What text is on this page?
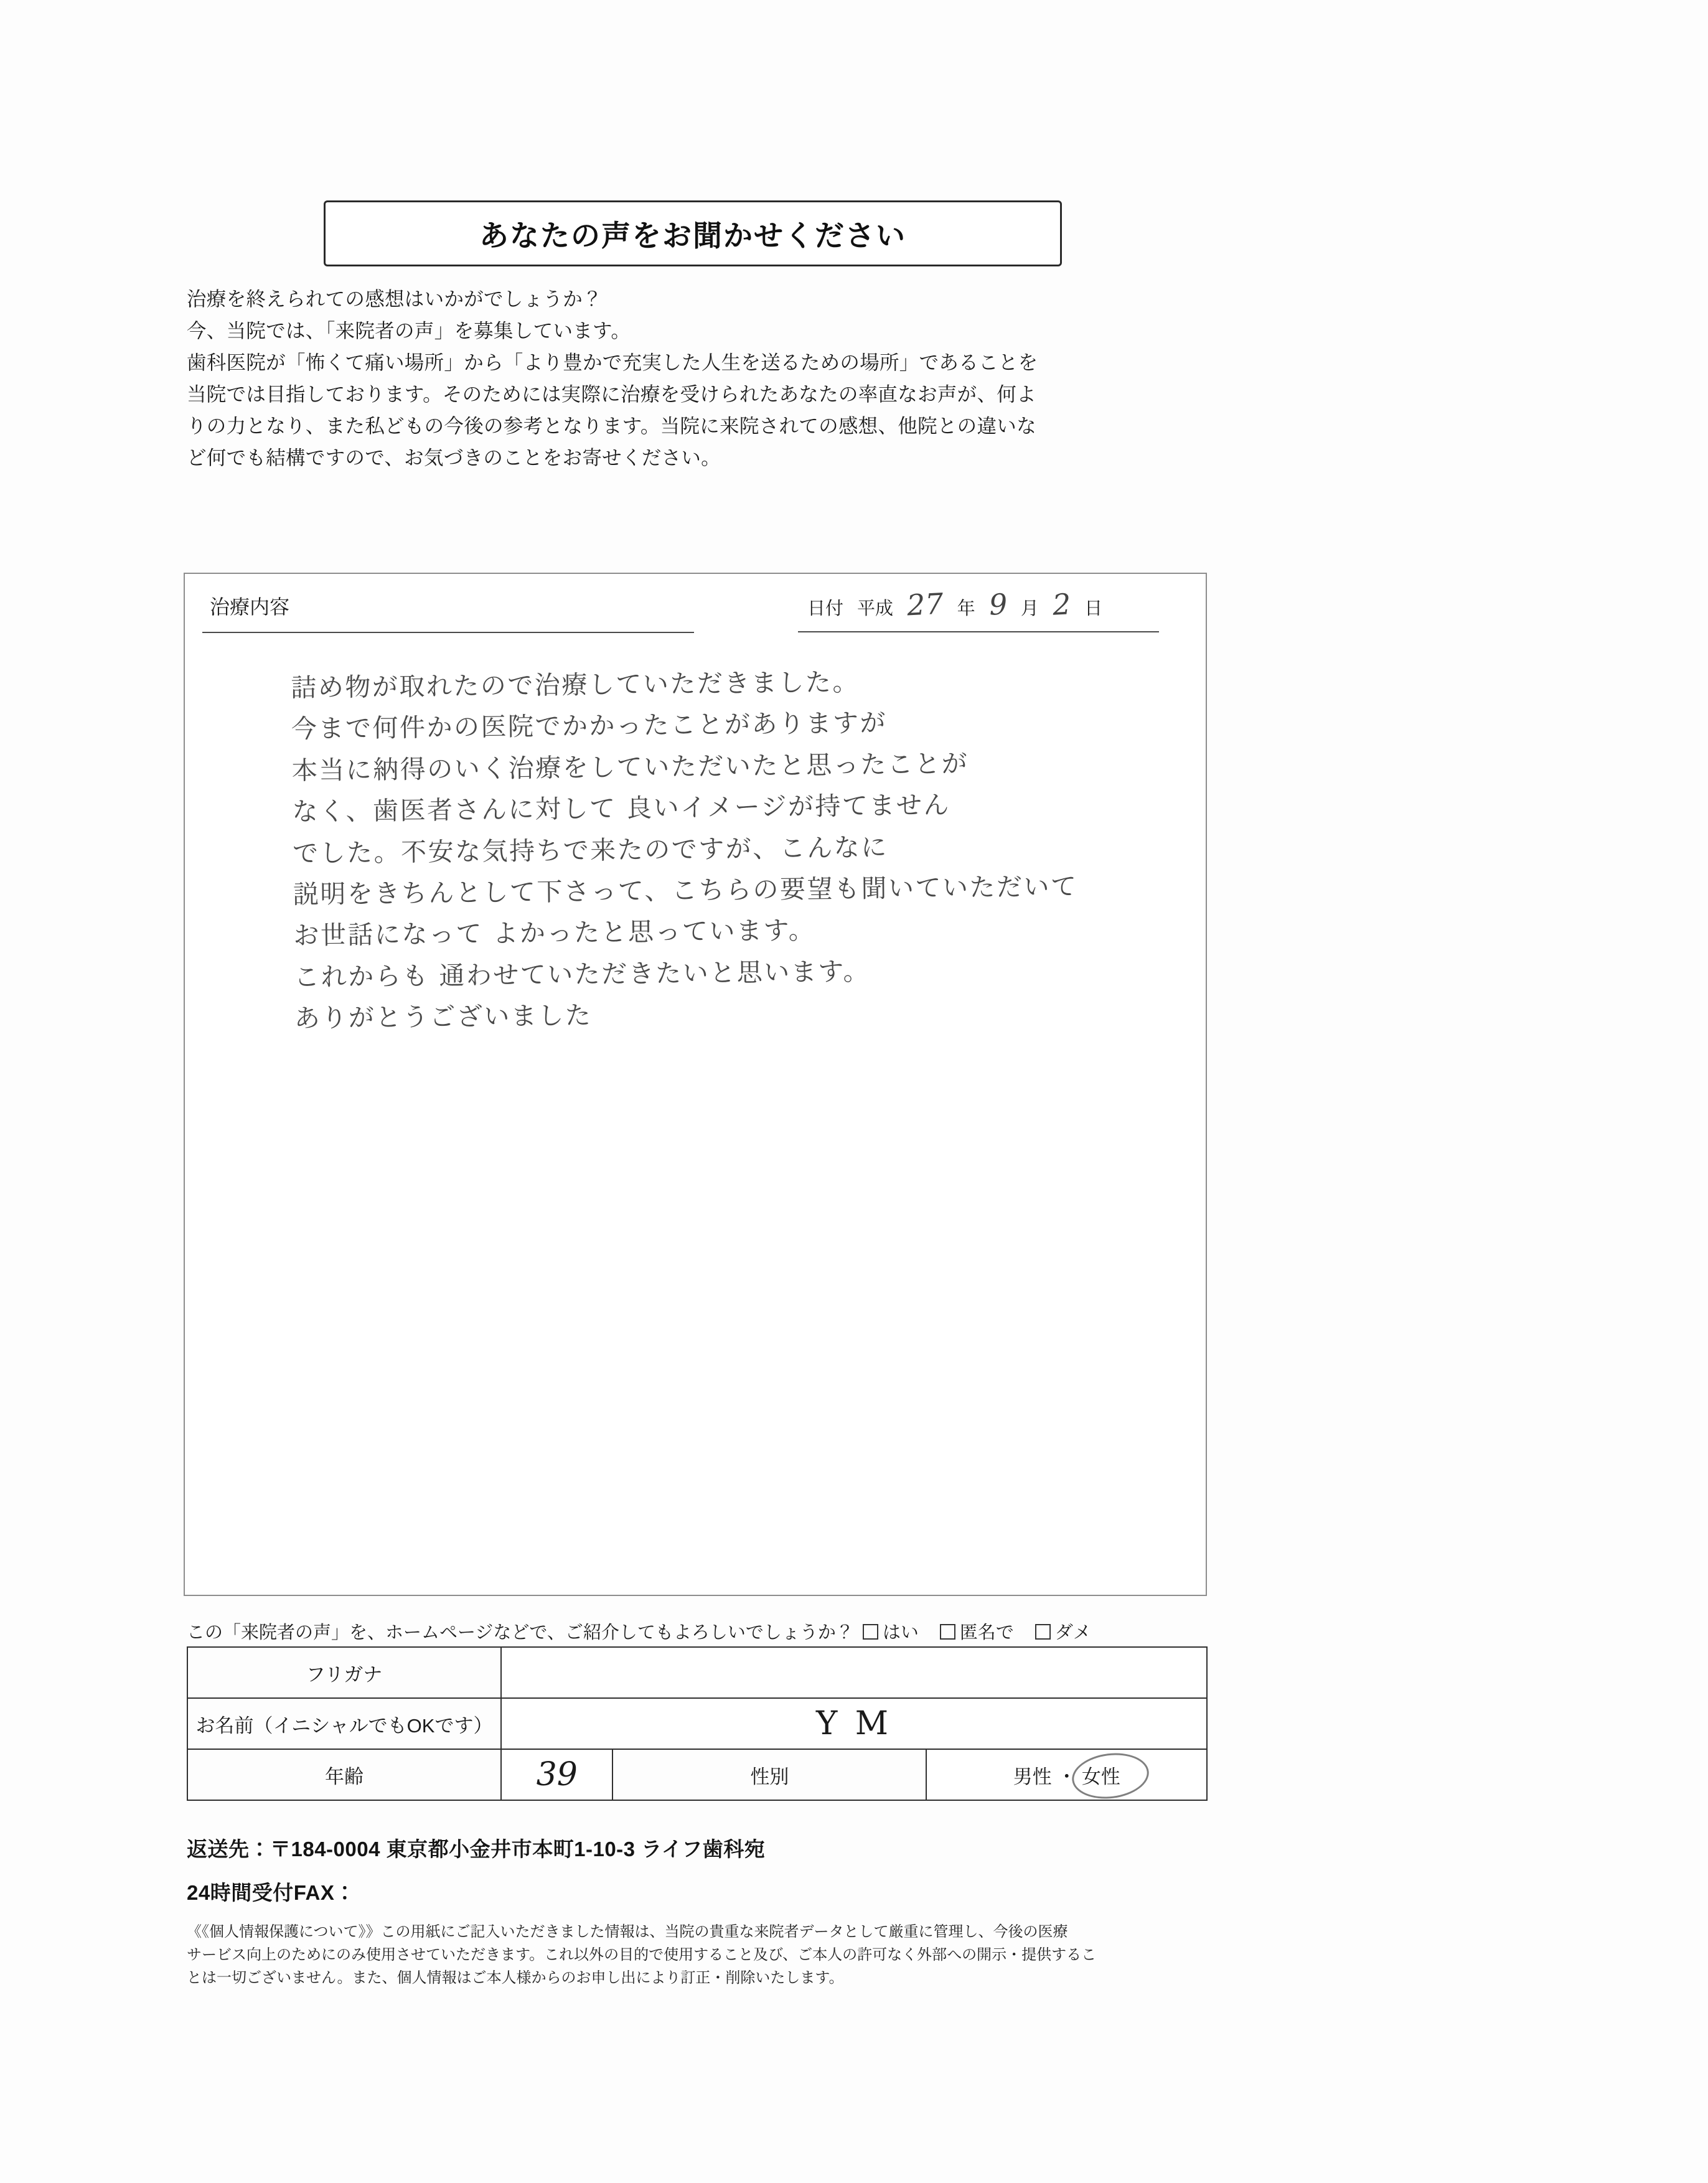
あなたの声をお聞かせください

治療を終えられての感想はいかがでしょうか？

今、当院では、「来院者の声」を募集しています。

歯科医院が「怖くて痛い場所」から「より豊かで充実した人生を送るための場所」であることを

当院では目指しております。そのためには実際に治療を受けられたあなたの率直なお声が、何よ

りの力となり、また私どもの今後の参考となります。当院に来院されての感想、他院との違いな

ど何でも結構ですので、お気づきのことをお寄せください。

治療内容	日付 平成 27 年 9 月 2 日
詰め物が取れたので治療していただきました。
今まで何件かの医院でかかったことがありますが
本当に納得のいく治療をしていただいたと思ったことが
なく、歯医者さんに対して 良いイメージが持てません
でした。不安な気持ちで来たのですが、こんなに
説明をきちんとして下さって、こちらの要望も聞いていただいて
お世話になって よかったと思っています。
これからも 通わせていただきたいと思います。
ありがとうございました
この「来院者の声」を、ホームページなどで、ご紹介してもよろしいでしょうか？	はい	匿名で	ダメ
フリガナ			
お名前（イニシャルでもOKです）	Y M		
年齢	39	性別	男性 ・ 女性
返送先：〒184-0004 東京都小金井市本町1-10-3 ライフ歯科宛
24時間受付FAX：

《《個人情報保護について》》この用紙にご記入いただきました情報は、当院の貴重な来院者データとして厳重に管理し、今後の医療

サービス向上のためにのみ使用させていただきます。これ以外の目的で使用すること及び、ご本人の許可なく外部への開示・提供するこ

とは一切ございません。また、個人情報はご本人様からのお申し出により訂正・削除いたします。
